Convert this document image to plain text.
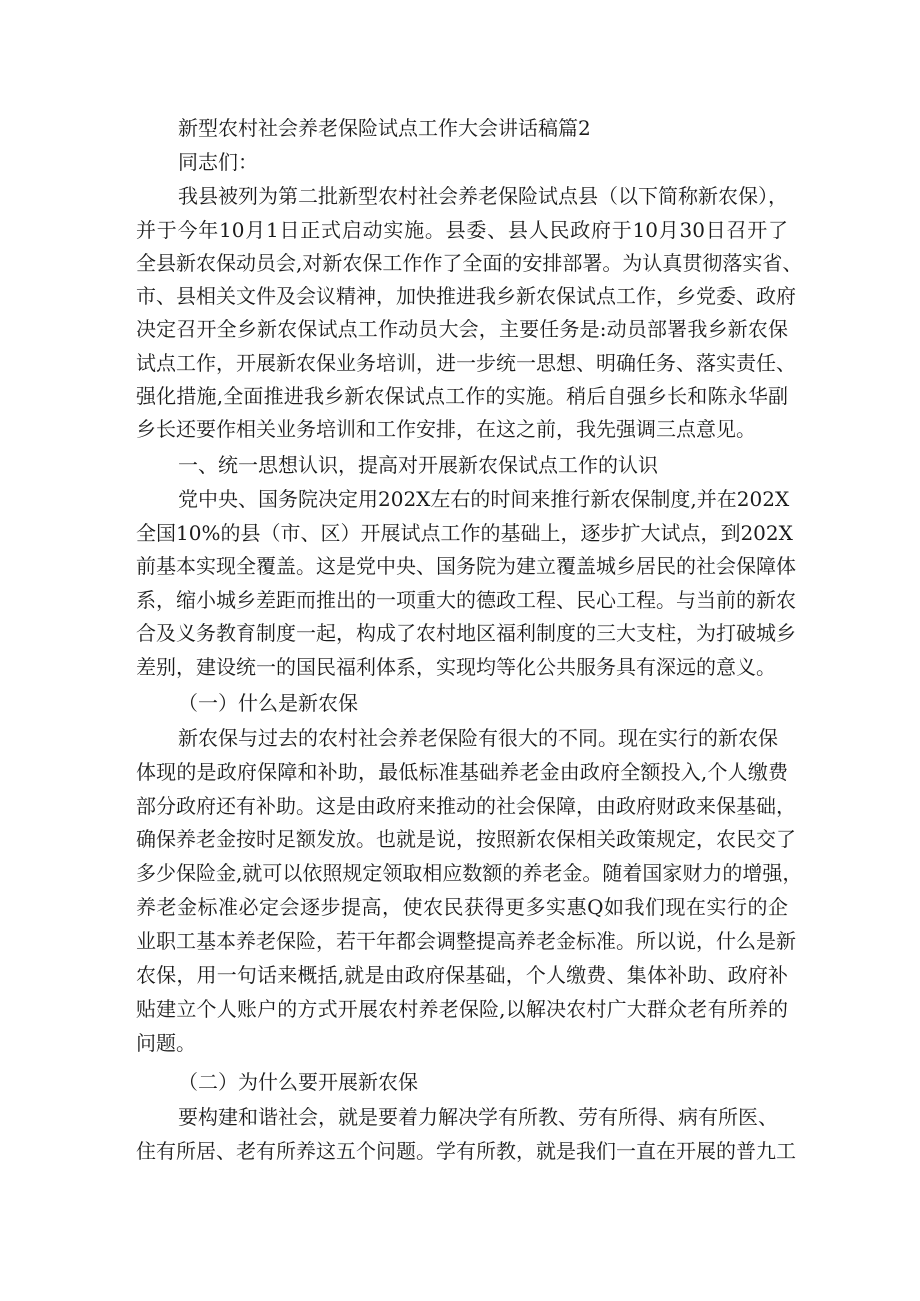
新型农村社会养老保险试点工作大会讲话稿篇2
同志们：
我县被列为第二批新型农村社会养老保险试点县（以下简称新农保），
并于今年10月1日正式启动实施。县委、县人民政府于10月30日召开了
全县新农保动员会,对新农保工作作了全面的安排部署。为认真贯彻落实省、
市、县相关文件及会议精神，加快推进我乡新农保试点工作，乡党委、政府
决定召开全乡新农保试点工作动员大会，主要任务是:动员部署我乡新农保
试点工作，开展新农保业务培训，进一步统一思想、明确任务、落实责任、
强化措施,全面推进我乡新农保试点工作的实施。稍后自强乡长和陈永华副
乡长还要作相关业务培训和工作安排，在这之前，我先强调三点意见。
一、统一思想认识，提高对开展新农保试点工作的认识
党中央、国务院决定用202X左右的时间来推行新农保制度,并在202X
全国10%的县（市、区）开展试点工作的基础上，逐步扩大试点，到202X
前基本实现全覆盖。这是党中央、国务院为建立覆盖城乡居民的社会保障体
系，缩小城乡差距而推出的一项重大的德政工程、民心工程。与当前的新农
合及义务教育制度一起，构成了农村地区福利制度的三大支柱，为打破城乡
差别，建设统一的国民福利体系，实现均等化公共服务具有深远的意义。
（一）什么是新农保
新农保与过去的农村社会养老保险有很大的不同。现在实行的新农保
体现的是政府保障和补助，最低标准基础养老金由政府全额投入,个人缴费
部分政府还有补助。这是由政府来推动的社会保障，由政府财政来保基础，
确保养老金按时足额发放。也就是说，按照新农保相关政策规定，农民交了
多少保险金,就可以依照规定领取相应数额的养老金。随着国家财力的增强，
养老金标准必定会逐步提高，使农民获得更多实惠Q如我们现在实行的企
业职工基本养老保险，若干年都会调整提高养老金标准。所以说，什么是新
农保，用一句话来概括,就是由政府保基础，个人缴费、集体补助、政府补
贴建立个人账户的方式开展农村养老保险,以解决农村广大群众老有所养的
问题。
（二）为什么要开展新农保
要构建和谐社会，就是要着力解决学有所教、劳有所得、病有所医、
住有所居、老有所养这五个问题。学有所教，就是我们一直在开展的普九工
